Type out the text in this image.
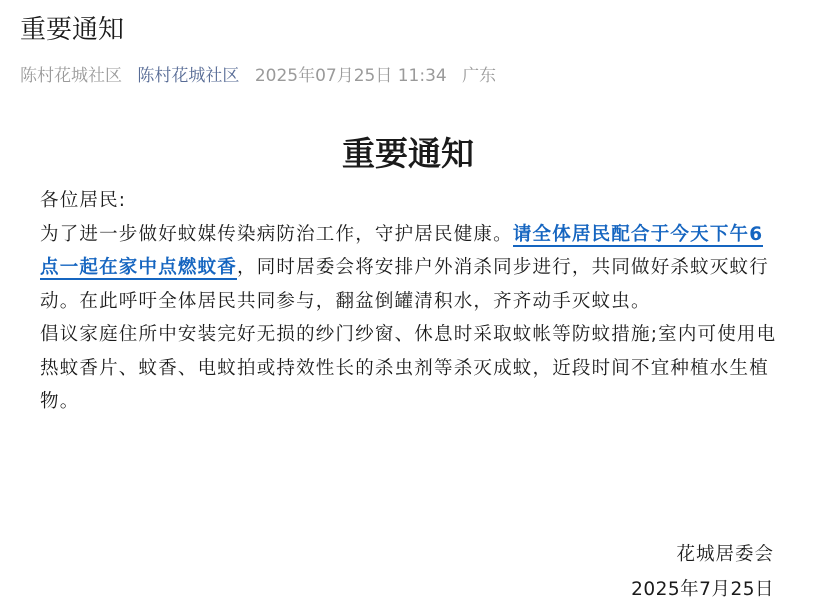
重要通知
陈村花城社区 陈村花城社区 2025年07月25日 11:34 广东
重要通知

各位居民:

为了进一步做好蚊媒传染病防治工作，守护居民健康。请全体居民配合于今天下午6点一起在家中点燃蚊香，同时居委会将安排户外消杀同步进行，共同做好杀蚊灭蚊行动。在此呼吁全体居民共同参与，翻盆倒罐清积水，齐齐动手灭蚊虫。

倡议家庭住所中安装完好无损的纱门纱窗、休息时采取蚊帐等防蚊措施;室内可使用电热蚊香片、蚊香、电蚊拍或持效性长的杀虫剂等杀灭成蚊，近段时间不宜种植水生植物。

花城居委会
2025年7月25日
